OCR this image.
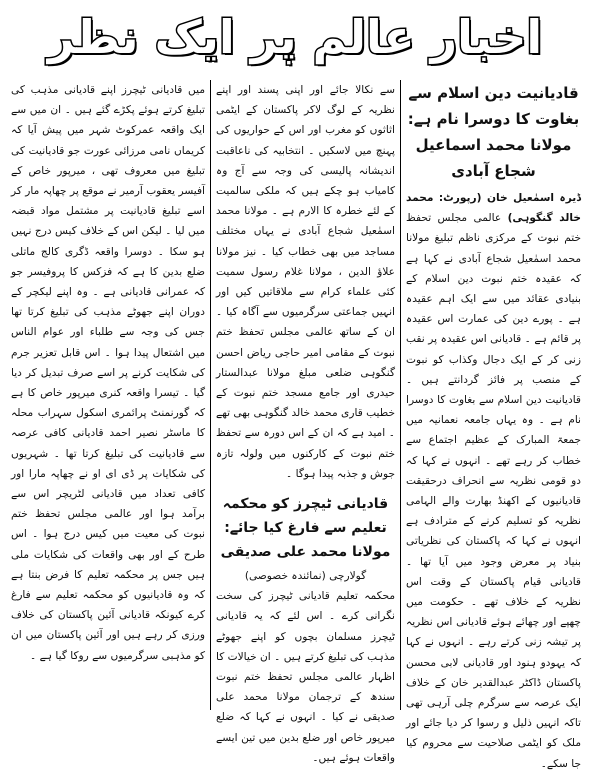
اخبار عالم پر ایک نظر
قادیانیت دین اسلام سے بغاوت کا دوسرا نام ہے: مولانا محمد اسماعیل شجاع آبادی

ڈیرہ اسمٰعیل خان (رپورٹ: محمد خالد گنگوہی) عالمی مجلس تحفظ ختم نبوت کے مرکزی ناظم تبلیغ مولانا محمد اسمٰعیل شجاع آبادی نے کہا ہے کہ عقیدہ ختم نبوت دین اسلام کے بنیادی عقائد میں سے ایک اہم عقیدہ ہے ۔ پورے دین کی عمارت اس عقیدہ پر قائم ہے ۔ قادیانی اس عقیدہ پر نقب زنی کر کے ایک دجال وکذاب کو نبوت کے منصب پر فائز گردانتے ہیں ۔ قادیانیت دین اسلام سے بغاوت کا دوسرا نام ہے ۔ وہ یہاں جامعہ نعمانیہ میں جمعۃ المبارک کے عظیم اجتماع سے خطاب کر رہے تھے ۔ انہوں نے کہا کہ دو قومی نظریہ سے انحراف درحقیقت قادیانیوں کے اکھنڈ بھارت والے الہامی نظریہ کو تسلیم کرنے کے مترادف ہے انہوں نے کہا کہ پاکستان کی نظریاتی بنیاد پر معرض وجود میں آیا تھا ۔ قادیانی قیام پاکستان کے وقت اس نظریہ کے خلاف تھے ۔ حکومت میں چھپے اور چھائے ہوئے قادیانی اس نظریہ پر تیشہ زنی کرتے رہے ۔ انہوں نے کہا کہ یہودو ہنود اور قادیانی لابی محسن پاکستان ڈاکٹر عبدالقدیر خان کے خلاف ایک عرصہ سے سرگرم چلی آرہی تھی تاکہ انہیں ذلیل و رسوا کر دیا جائے اور ملک کو ایٹمی صلاحیت سے محروم کیا جا سکے۔

سے نکالا جائے اور اپنی پسند اور اپنے نظریہ کے لوگ لاکر پاکستان کے ایٹمی اثاثوں کو مغرب اور اس کے حواریوں کی پہنچ میں لاسکیں ۔ انتخابیہ کی ناعاقبت اندیشانہ پالیسی کی وجہ سے آج وہ کامیاب ہو چکے ہیں کہ ملکی سالمیت کے لئے خطرہ کا الارم ہے ۔ مولانا محمد اسمٰعیل شجاع آبادی نے یہاں مختلف مساجد میں بھی خطاب کیا ۔ نیز مولانا علاؤ الدین ، مولانا غلام رسول سمیت کئی علماء کرام سے ملاقاتیں کیں اور انہیں جماعتی سرگرمیوں سے آگاہ کیا ۔ ان کے ساتھ عالمی مجلس تحفظ ختم نبوت کے مقامی امیر حاجی ریاض احسن گنگوہی ضلعی مبلغ مولانا عبدالستار حیدری اور جامع مسجد ختم نبوت کے خطیب قاری محمد خالد گنگوہی بھی تھے ۔ امید ہے کہ ان کے اس دورہ سے تحفظ ختم نبوت کے کارکنوں میں ولولہ تازہ جوش و جذبہ پیدا ہوگا ۔

قادیانی ٹیچرز کو محکمہ تعلیم سے فارغ کیا جائے: مولانا محمد علی صدیقی

گولارچی (نمائندہ خصوصی)

محکمہ تعلیم قادیانی ٹیچرز کی سخت نگرانی کرے ۔ اس لئے کہ یہ قادیانی ٹیچرز مسلمان بچوں کو اپنے جھوٹے مذہب کی تبلیغ کرتے ہیں ۔ ان خیالات کا اظہار عالمی مجلس تحفظ ختم نبوت سندھ کے ترجمان مولانا محمد علی صدیقی نے کیا ۔ انہوں نے کہا کہ ضلع میرپور خاص اور ضلع بدین میں تین ایسے واقعات ہوئے ہیں۔

میں قادیانی ٹیچرز اپنے قادیانی مذہب کی تبلیغ کرتے ہوئے پکڑے گئے ہیں ۔ ان میں سے ایک واقعہ عمرکوٹ شہر میں پیش آیا کہ کریماں نامی مرزائی عورت جو قادیانیت کی تبلیغ میں معروف تھی ، میرپور خاص کے آفیسر یعقوب آرمیر نے موقع پر چھاپہ مار کر اسے تبلیغ قادیانیت پر مشتمل مواد قبضہ میں لیا ۔ لیکن اس کے خلاف کیس درج نہیں ہو سکا ۔ دوسرا واقعہ ڈگری کالج ماتلی ضلع بدین کا ہے کہ فزکس کا پروفیسر جو کہ عمرانی قادیانی ہے ۔ وہ اپنے لیکچر کے دوران اپنے جھوٹے مذہب کی تبلیغ کرتا تھا جس کی وجہ سے طلباء اور عوام الناس میں اشتعال پیدا ہوا ۔ اس قابل تعزیر جرم کی شکایت کرنے پر اسے صرف تبدیل کر دیا گیا ۔ تیسرا واقعہ کنری میرپور خاص کا ہے کہ گورنمنٹ پرائمری اسکول سہراب محلہ کا ماسٹر نصیر احمد قادیانی کافی عرصہ سے قادیانیت کی تبلیغ کرتا تھا ۔ شہریوں کی شکایات پر ڈی ای او نے چھاپہ مارا اور کافی تعداد میں قادیانی لٹریچر اس سے برآمد ہوا اور عالمی مجلس تحفظ ختم نبوت کی معیت میں کیس درج ہوا ۔ اس طرح کے اور بھی واقعات کی شکایات ملی ہیں جس پر محکمہ تعلیم کا فرض بنتا ہے کہ وہ قادیانیوں کو محکمہ تعلیم سے فارغ کرے کیونکہ قادیانی آئین پاکستان کی خلاف ورزی کر رہے ہیں اور آئین پاکستان میں ان کو مذہبی سرگرمیوں سے روکا گیا ہے ۔
